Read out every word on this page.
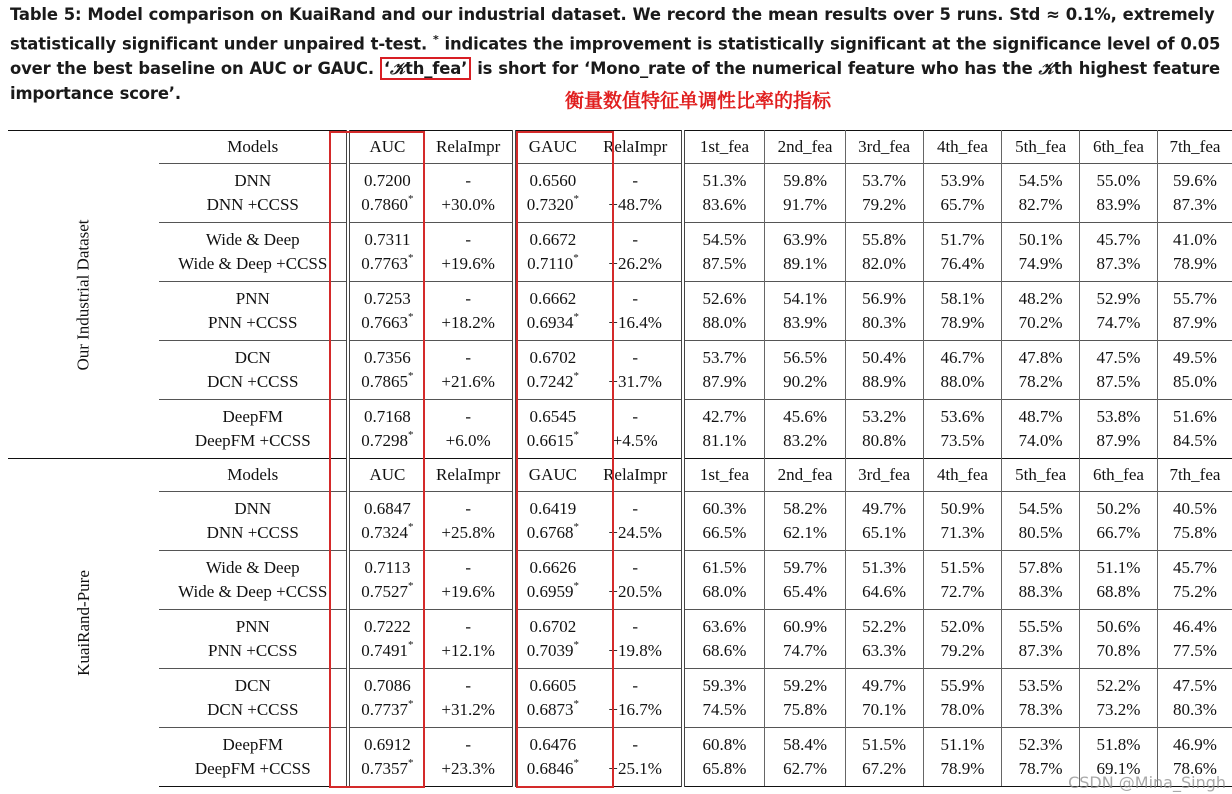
Table 5: Model comparison on KuaiRand and our industrial dataset. We record the mean results over 5 runs. Std ≈ 0.1%, extremely statistically significant under unpaired t-test. * indicates the improvement is statistically significant at the significance level of 0.05 over the best baseline on AUC or GAUC. ‘𝒦th_fea’ is short for ‘Mono_rate of the numerical feature who has the 𝒦th highest feature importance score’.	衡量数值特征单调性比率的指标
Our Industrial Dataset	Models	AUC	RelaImpr	GAUC	RelaImpr	1st_fea	2nd_fea	3rd_fea	4th_fea	5th_fea	6th_fea	7th_fea
	DNN	0.7200	-	0.6560	-	51.3%	59.8%	53.7%	53.9%	54.5%	55.0%	59.6%
	DNN +CCSS	0.7860*	+30.0%	0.7320*	+48.7%	83.6%	91.7%	79.2%	65.7%	82.7%	83.9%	87.3%
	Wide & Deep	0.7311	-	0.6672	-	54.5%	63.9%	55.8%	51.7%	50.1%	45.7%	41.0%
	Wide & Deep +CCSS	0.7763*	+19.6%	0.7110*	+26.2%	87.5%	89.1%	82.0%	76.4%	74.9%	87.3%	78.9%
	PNN	0.7253	-	0.6662	-	52.6%	54.1%	56.9%	58.1%	48.2%	52.9%	55.7%
	PNN +CCSS	0.7663*	+18.2%	0.6934*	+16.4%	88.0%	83.9%	80.3%	78.9%	70.2%	74.7%	87.9%
	DCN	0.7356	-	0.6702	-	53.7%	56.5%	50.4%	46.7%	47.8%	47.5%	49.5%
	DCN +CCSS	0.7865*	+21.6%	0.7242*	+31.7%	87.9%	90.2%	88.9%	88.0%	78.2%	87.5%	85.0%
	DeepFM	0.7168	-	0.6545	-	42.7%	45.6%	53.2%	53.6%	48.7%	53.8%	51.6%
	DeepFM +CCSS	0.7298*	+6.0%	0.6615*	+4.5%	81.1%	83.2%	80.8%	73.5%	74.0%	87.9%	84.5%
KuaiRand-Pure	Models	AUC	RelaImpr	GAUC	RelaImpr	1st_fea	2nd_fea	3rd_fea	4th_fea	5th_fea	6th_fea	7th_fea
	DNN	0.6847	-	0.6419	-	60.3%	58.2%	49.7%	50.9%	54.5%	50.2%	40.5%
	DNN +CCSS	0.7324*	+25.8%	0.6768*	+24.5%	66.5%	62.1%	65.1%	71.3%	80.5%	66.7%	75.8%
	Wide & Deep	0.7113	-	0.6626	-	61.5%	59.7%	51.3%	51.5%	57.8%	51.1%	45.7%
	Wide & Deep +CCSS	0.7527*	+19.6%	0.6959*	+20.5%	68.0%	65.4%	64.6%	72.7%	88.3%	68.8%	75.2%
	PNN	0.7222	-	0.6702	-	63.6%	60.9%	52.2%	52.0%	55.5%	50.6%	46.4%
	PNN +CCSS	0.7491*	+12.1%	0.7039*	+19.8%	68.6%	74.7%	63.3%	79.2%	87.3%	70.8%	77.5%
	DCN	0.7086	-	0.6605	-	59.3%	59.2%	49.7%	55.9%	53.5%	52.2%	47.5%
	DCN +CCSS	0.7737*	+31.2%	0.6873*	+16.7%	74.5%	75.8%	70.1%	78.0%	78.3%	73.2%	80.3%
	DeepFM	0.6912	-	0.6476	-	60.8%	58.4%	51.5%	51.1%	52.3%	51.8%	46.9%
	DeepFM +CCSS	0.7357*	+23.3%	0.6846*	+25.1%	65.8%	62.7%	67.2%	78.9%	78.7%	69.1%	78.6%
CSDN @Mina_Singh
